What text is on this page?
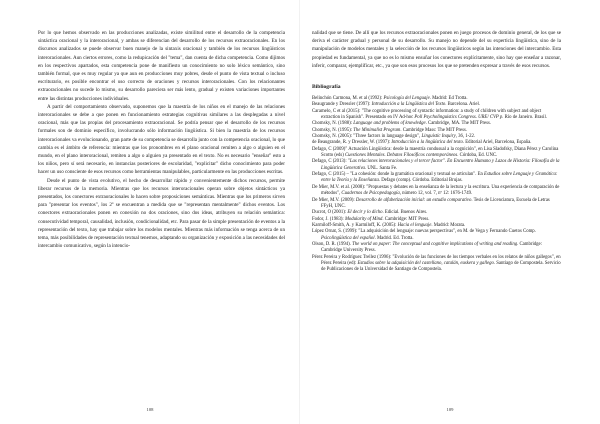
Por lo que hemos observado en las producciones analizadas, existe similitud entre el desarrollo de la competencia sintáctica oracional y la interoracional, y ambas se diferencian del desarrollo de los recursos extraoracionales. En los discursos analizados se puede observar buen manejo de la sintaxis oracional y también de los recursos lingüísticos interoracionales. Aun ciertos errores, como la redupicación del "tema", dan cuenta de dicha competencia. Como dijimos en los respectivos apartados, esta competencia pone de manifiesto un conocimiento no solo léxico semántico, sino también formal, que es muy regular ya que aun en producciones muy pobres, desde el punto de vista textual o incluso escriturario, es posible encontrar el uso correcto de oraciones y recursos interoracionales. Con los relacionantes extraoracionales no sucede lo mismo, su desarrollo pareciera ser más lento, gradual y existen variaciones importantes entre las distintas producciones individuales.

A partir del comportamiento observado, suponemos que la maestría de los niños en el manejo de las relaciones interoracionales se debe a que ponen en funcionamiento estrategias cognitivas similares a las desplegadas a nivel oracional, más que las propias del procesamiento extraoracional. Se podría pensar que el desarrollo de los recursos formales son de dominio específico, involucrando sólo información lingüística. Si bien la maestría de los recursos interoracionales va evolucionando, gran parte de su competencia se desarrolla junto con la competencia oracional, lo que cambia es el ámbito de referencia: mientras que los pronombres en el plano oracional remiten a algo o alguien en el mundo, en el plano interoracional, remiten a algo o alguien ya presentado en el texto. No es necesario "enseñar" esto a los niños, pero sí será necesario, en instancias posteriores de escolaridad, "explicitar" dicho conocimiento para poder hacer un uso consciente de esos recursos como herramientas manipulables, particularmente en las producciones escritas.

Desde el punto de vista evolutivo, el hecho de desarrollar rápido y convenientemente dichos recursos, permite liberar recursos de la memoria. Mientras que los recursos interoracionales operan sobre objetos sintácticos ya presentados, los conectores extraoracionales lo hacen sobre proposiciones semánticas. Mientras que los primeros sirven para "presentar los eventos", los 2º se encuentran a medida que se "representan mentalmente" dichos eventos. Los conectores extraoracionales ponen en conexión no dos oraciones, sino dos ideas, atribuyen su relación semántica: consecutividad temporal, causalidad, inclusión, condicionalidad, etc. Para pasar de la simple presentación de eventos a la representación del texto, hay que trabajar sobre los modelos mentales. Mientras más información se tenga acerca de un tema, más posibilidades de representación textual tenemos, adaptando su organización y exposición a las necesidades del intercambio comunicativo, según la intencio-

108

nalidad que se tiene. De allí que los recursos extraoracionales ponen en juego procesos de dominio general, de los que se deriva el carácter gradual y personal de su desarrollo. Su manejo no depende del su experticia lingüística, sino de la manipulación de modelos mentales y la selección de los recursos lingüísticos según las intenciones del intercambio. Esta propiedad es fundamental, ya que no es lo mismo ensuñar los conectores explícitamente, sino hay que enseñar a razonar, inferir, comparar, ejemplificar, etc., ya que son esos procesos los que se pretenden expresar a través de esos recursos.

Bibliografía
Belinchón Carmona, M. et al (1992): Psicología del Lenguaje. Madrid: Ed Trotta.
Beaugrande y Dressler (1997): Introducción a la Lingüística del Texto. Barcelona. Ariel.
Caramelo, C et al (2015): "The cognitive processing of syntactic information: a study of children with subject and object extraction in Spanish". Presentado en IV Ad-hoc Poll Psycholinguistics Congress. URE/ CVP p. Río de Janeiro. Brasil.
Chomsky, N. (1988): Language and problems of knowledge. Cambridge, MA. The MIT Press.
Chomsky, N. (1995): The Minimalist Program. Cambridge Mass: The MIT Press.
Chomsky, N. (2005): "Three factors in language design", Linguistic Inquiry, 36, 1-22.
de Beaugrande, R. y Dressler, W. (1997): Introducción a la lingüística del texto. Editorial Ariel, Barcelona, España.
Defago, C (2009)" Actuación Lingüística: desde la maestría condusual a la cognición", en Lisa Sladofsky, Diana Pérez y Carolina Scotto (eds) Cuestiones Mentales. Debates Filosóficos contemporáneos. Córdoba, Ed. UNC.
Defago, C (2013): "Las relaciones interoracionales y el tercer factor". En Encuentro Humano y Lazos de Historia: Filosofía de la Lingüística Generativa. UNL. Santa Fe.
Defago, C (2015) – "La cohesión: donde la gramática oracional y textual se articulan". En Estudios sobre Lenguaje y Gramática: entre la Teoría y la Enseñanza. Defago (comp). Córdoba. Editorial Brujas.
De Mier, M.V. et al. (2008): "Propuestas y debates en la enseñanza de la lectura y la escritura. Una experiencia de comparación de métodos", Cuadernos de Psicopedagogía, número 12, vol. 7, nº 12: 1676-1749.
De Mier, M.V. (2009): Desarrollo de alfabetización inicial: un estudio comparativo. Tesis de Licenciatura, Escuela de Letras FFyH, UNC.
Ducrot, O (2001): El decir y lo dicho. Edicial. Buenos Aires.
Fodor, J. (1983): Modularity of Mind. Cambridge: MIT Press.
Karmiloff-Smith, A. y Karmiloff, K. (2005): Hacia el lenguaje. Madrid: Morata.
López Ornat, S. (1999): "La adquisición del lenguaje: nuevas perspectivas", en M. de Vega y Fernando Cuetos Comp. Psicolingüística del español. Madrid. Ed. Trotta.
Olson, D. R. (1994). The world on paper: The conceptual and cognitive implications of writing and reading. Cambridge: Cambridge University Press.
Pérez Pereira y Rodríguez Trellez (1996): "Evolución de las funciones de los tiempos verbales en los relatos de niños gallegos", en Pérez Pereira (ed): Estudios sobre la adquisición del castellano, catalán, euskera y gallego. Santiago de Compostela. Servicio de Publicaciones de la Universidad de Santiago de Compostela.
109
